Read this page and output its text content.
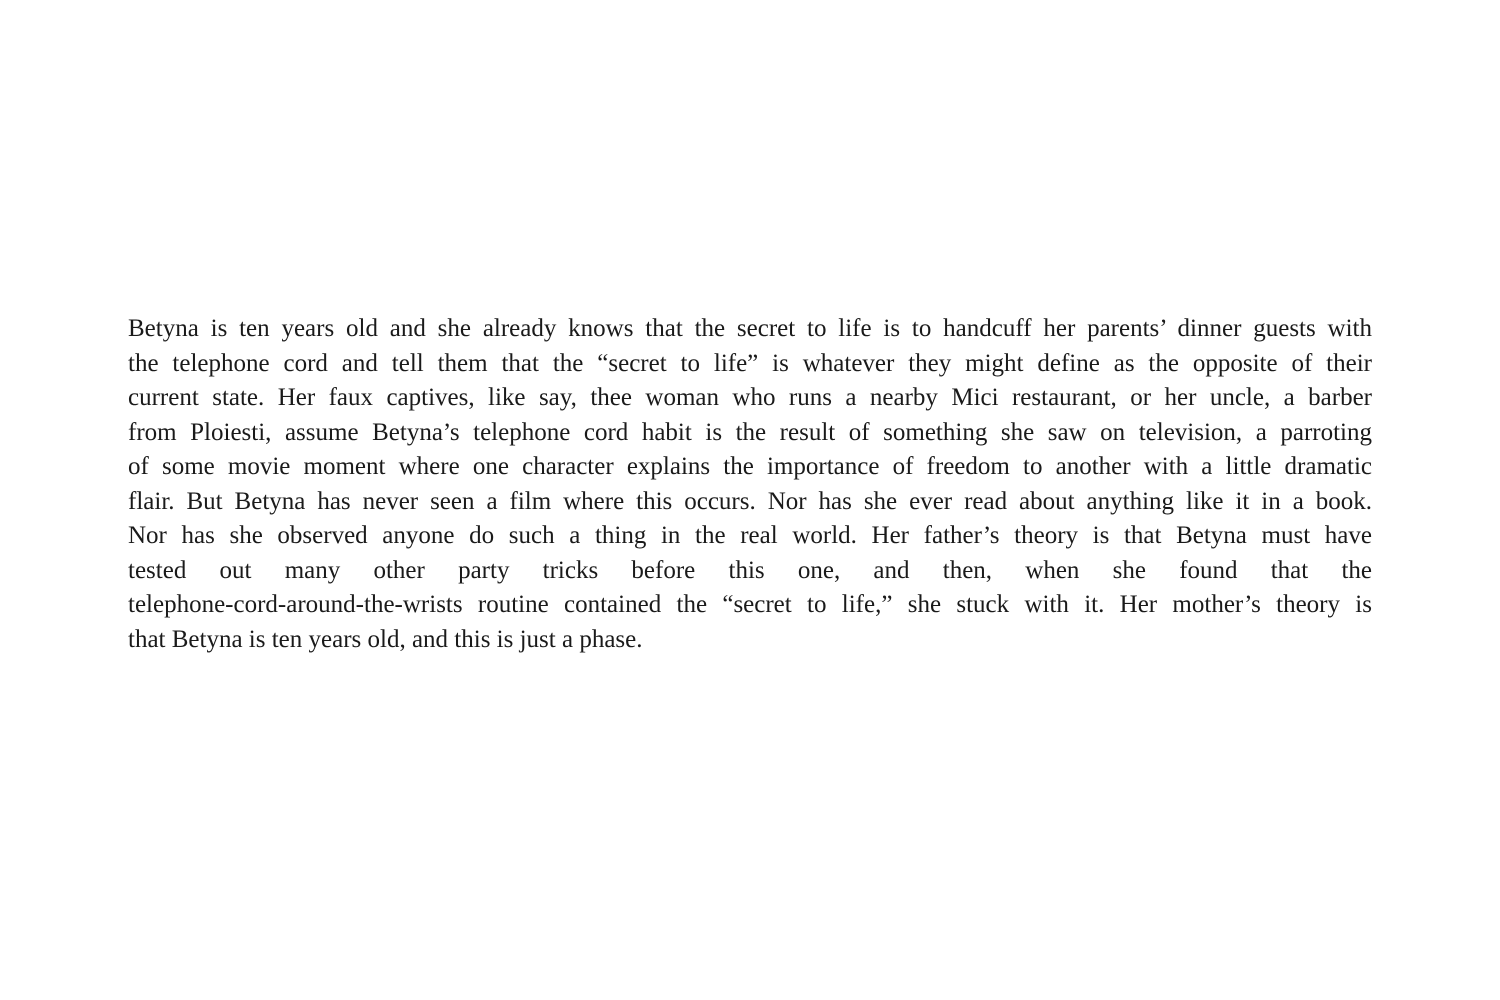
Betyna is ten years old and she already knows that the secret to life is to handcuff her parents’ dinner guests with
the telephone cord and tell them that the “secret to life” is whatever they might define as the opposite of their
current state. Her faux captives, like say, thee woman who runs a nearby Mici restaurant, or her uncle, a barber
from Ploiesti, assume Betyna’s telephone cord habit is the result of something she saw on television, a parroting
of some movie moment where one character explains the importance of freedom to another with a little dramatic
flair. But Betyna has never seen a film where this occurs. Nor has she ever read about anything like it in a book.
Nor has she observed anyone do such a thing in the real world. Her father’s theory is that Betyna must have
tested out many other party tricks before this one, and then, when she found that the
telephone-cord-around-the-wrists routine contained the “secret to life,” she stuck with it. Her mother’s theory is
that Betyna is ten years old, and this is just a phase.
